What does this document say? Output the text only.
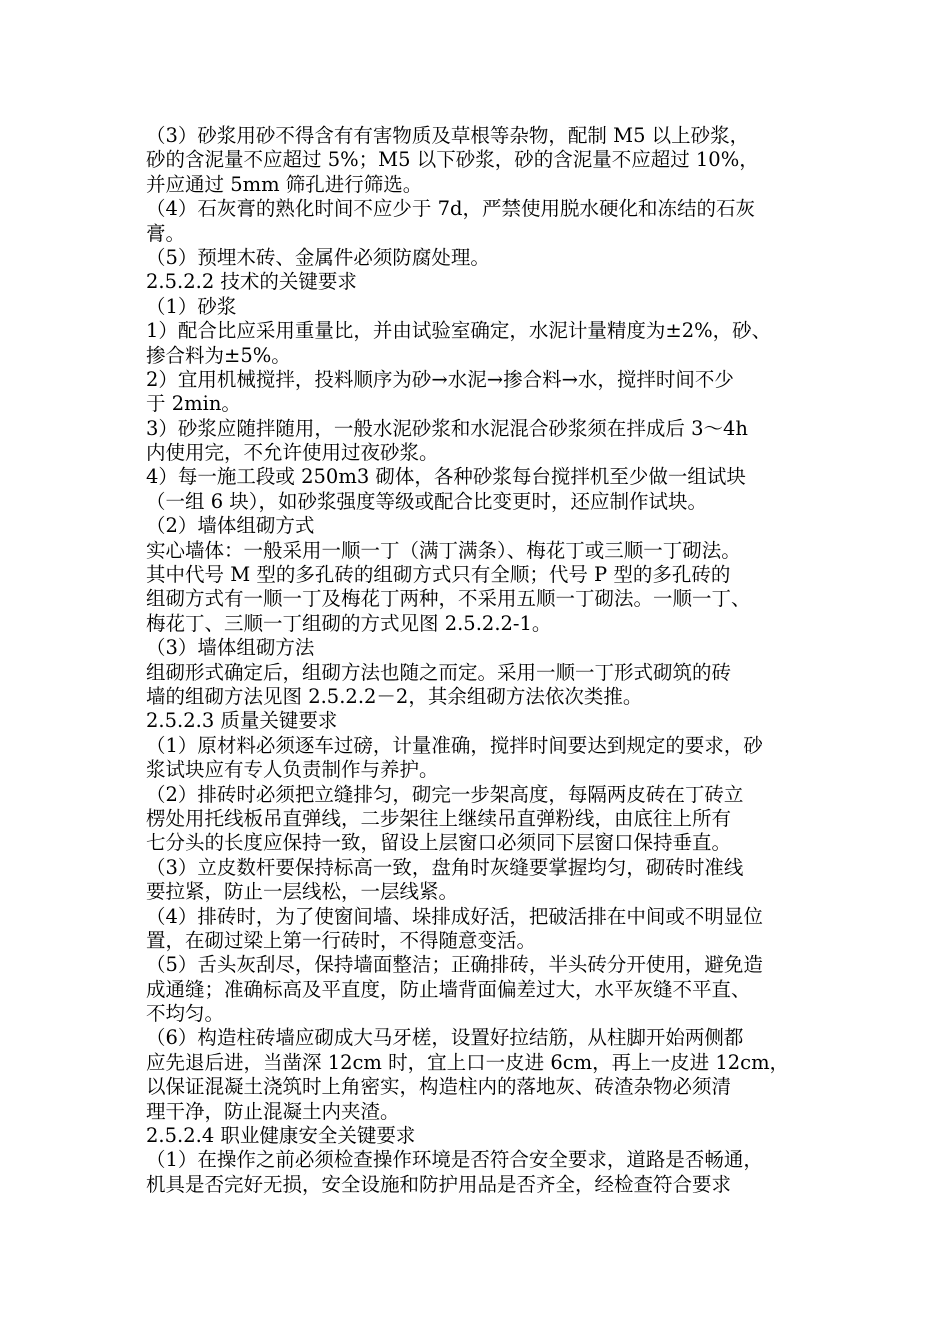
（3）砂浆用砂不得含有有害物质及草根等杂物，配制 M5 以上砂浆，
砂的含泥量不应超过 5%；M5 以下砂浆，砂的含泥量不应超过 10%，
并应通过 5mm 筛孔进行筛选。
（4）石灰膏的熟化时间不应少于 7d，严禁使用脱水硬化和冻结的石灰
膏。
（5）预埋木砖、金属件必须防腐处理。
2.5.2.2 技术的关键要求
（1）砂浆
1）配合比应采用重量比，并由试验室确定，水泥计量精度为±2%，砂、
掺合料为±5%。
2）宜用机械搅拌，投料顺序为砂→水泥→掺合料→水，搅拌时间不少
于 2min。
3）砂浆应随拌随用，一般水泥砂浆和水泥混合砂浆须在拌成后 3～4h
内使用完，不允许使用过夜砂浆。
4）每一施工段或 250m3 砌体，各种砂浆每台搅拌机至少做一组试块
（一组 6 块），如砂浆强度等级或配合比变更时，还应制作试块。
（2）墙体组砌方式
实心墙体：一般采用一顺一丁（满丁满条）、梅花丁或三顺一丁砌法。
其中代号 M 型的多孔砖的组砌方式只有全顺；代号 P 型的多孔砖的
组砌方式有一顺一丁及梅花丁两种，不采用五顺一丁砌法。一顺一丁、
梅花丁、三顺一丁组砌的方式见图 2.5.2.2-1。
（3）墙体组砌方法
组砌形式确定后，组砌方法也随之而定。采用一顺一丁形式砌筑的砖
墙的组砌方法见图 2.5.2.2－2，其余组砌方法依次类推。
2.5.2.3 质量关键要求
（1）原材料必须逐车过磅，计量准确，搅拌时间要达到规定的要求，砂
浆试块应有专人负责制作与养护。
（2）排砖时必须把立缝排匀，砌完一步架高度，每隔两皮砖在丁砖立
楞处用托线板吊直弹线，二步架往上继续吊直弹粉线，由底往上所有
七分头的长度应保持一致，留设上层窗口必须同下层窗口保持垂直。
（3）立皮数杆要保持标高一致，盘角时灰缝要掌握均匀，砌砖时准线
要拉紧，防止一层线松，一层线紧。
（4）排砖时，为了使窗间墙、垛排成好活，把破活排在中间或不明显位
置，在砌过梁上第一行砖时，不得随意变活。
（5）舌头灰刮尽，保持墙面整洁；正确排砖，半头砖分开使用，避免造
成通缝；准确标高及平直度，防止墙背面偏差过大，水平灰缝不平直、
不均匀。
（6）构造柱砖墙应砌成大马牙槎，设置好拉结筋，从柱脚开始两侧都
应先退后进，当凿深 12cm 时，宜上口一皮进 6cm，再上一皮进 12cm，
以保证混凝土浇筑时上角密实，构造柱内的落地灰、砖渣杂物必须清
理干净，防止混凝土内夹渣。
2.5.2.4 职业健康安全关键要求
（1）在操作之前必须检查操作环境是否符合安全要求，道路是否畅通，
机具是否完好无损，安全设施和防护用品是否齐全，经检查符合要求
